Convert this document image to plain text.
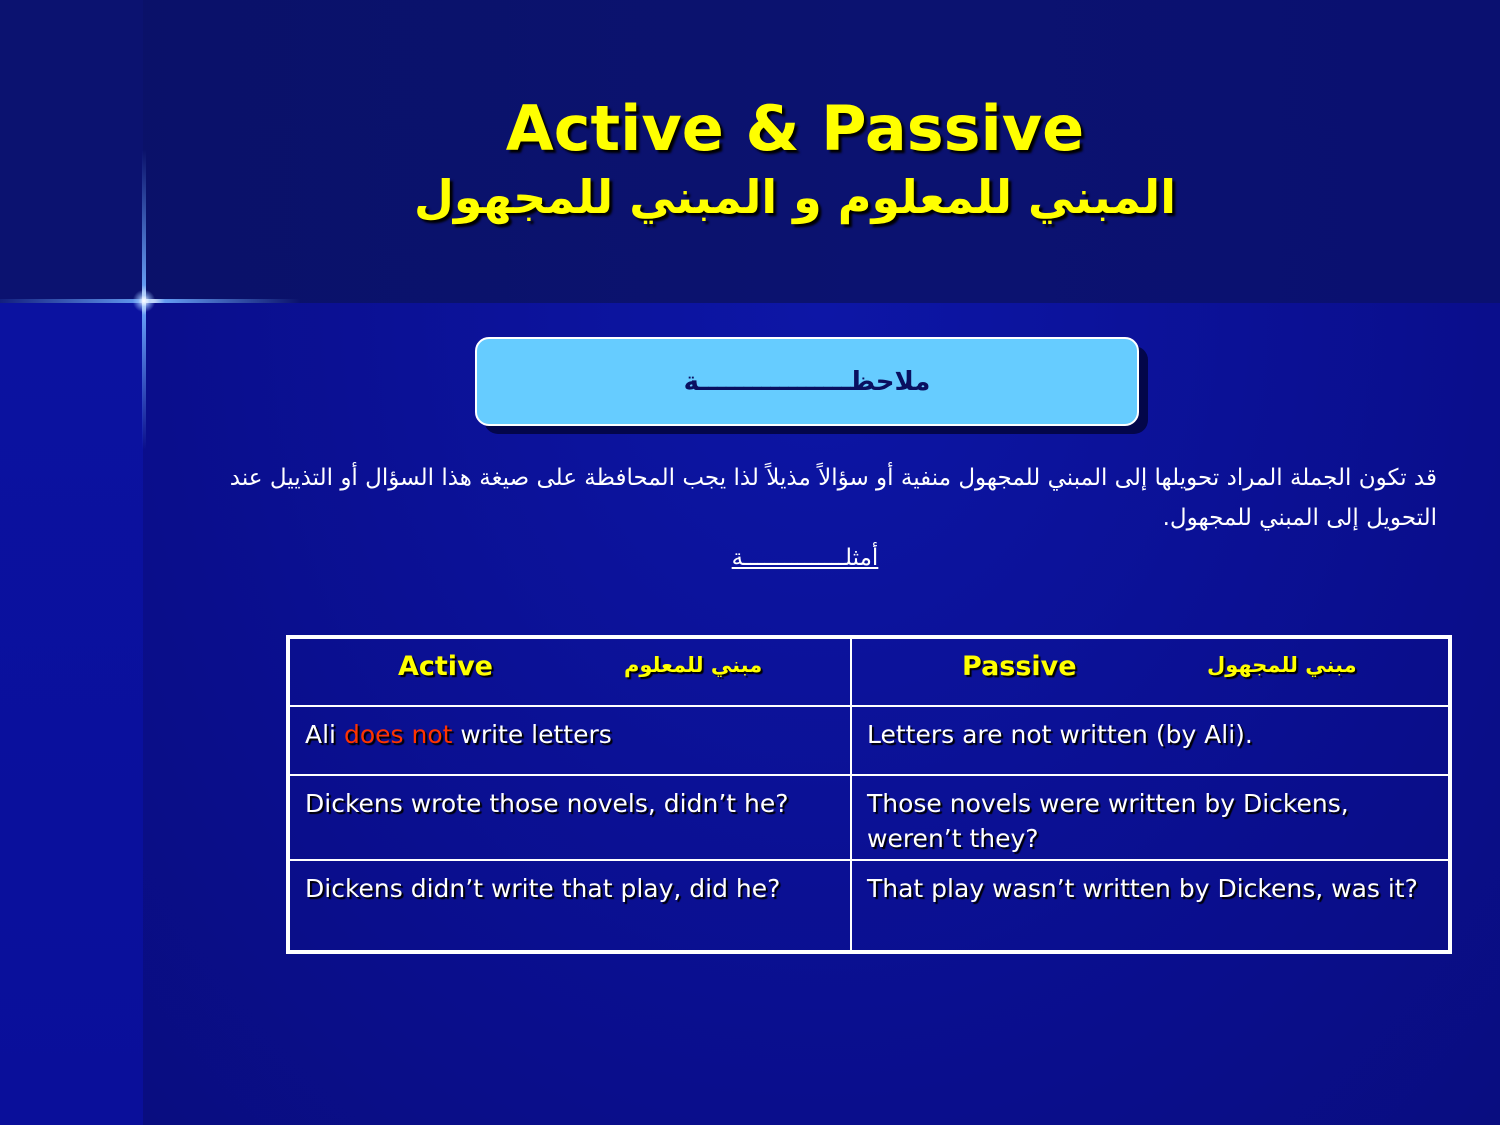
Active & Passive
المبني للمعلوم و المبني للمجهول
ملاحظـــــــــــــــــة
قد تكون الجملة المراد تحويلها إلى المبني للمجهول منفية أو سؤالاً مذيلاً لذا يجب المحافظة على صيغة هذا السؤال أو التذييل عند التحويل إلى المبني للمجهول.
أمثلـــــــــــــــة
Active مبني للمعلوم	Passive مبني للمجهول

Ali does not write letters	Letters are not written (by Ali).

Dickens wrote those novels, didn’t he?	Those novels were written by Dickens, weren’t they?

Dickens didn’t write that play, did he?	That play wasn’t written by Dickens, was it?
